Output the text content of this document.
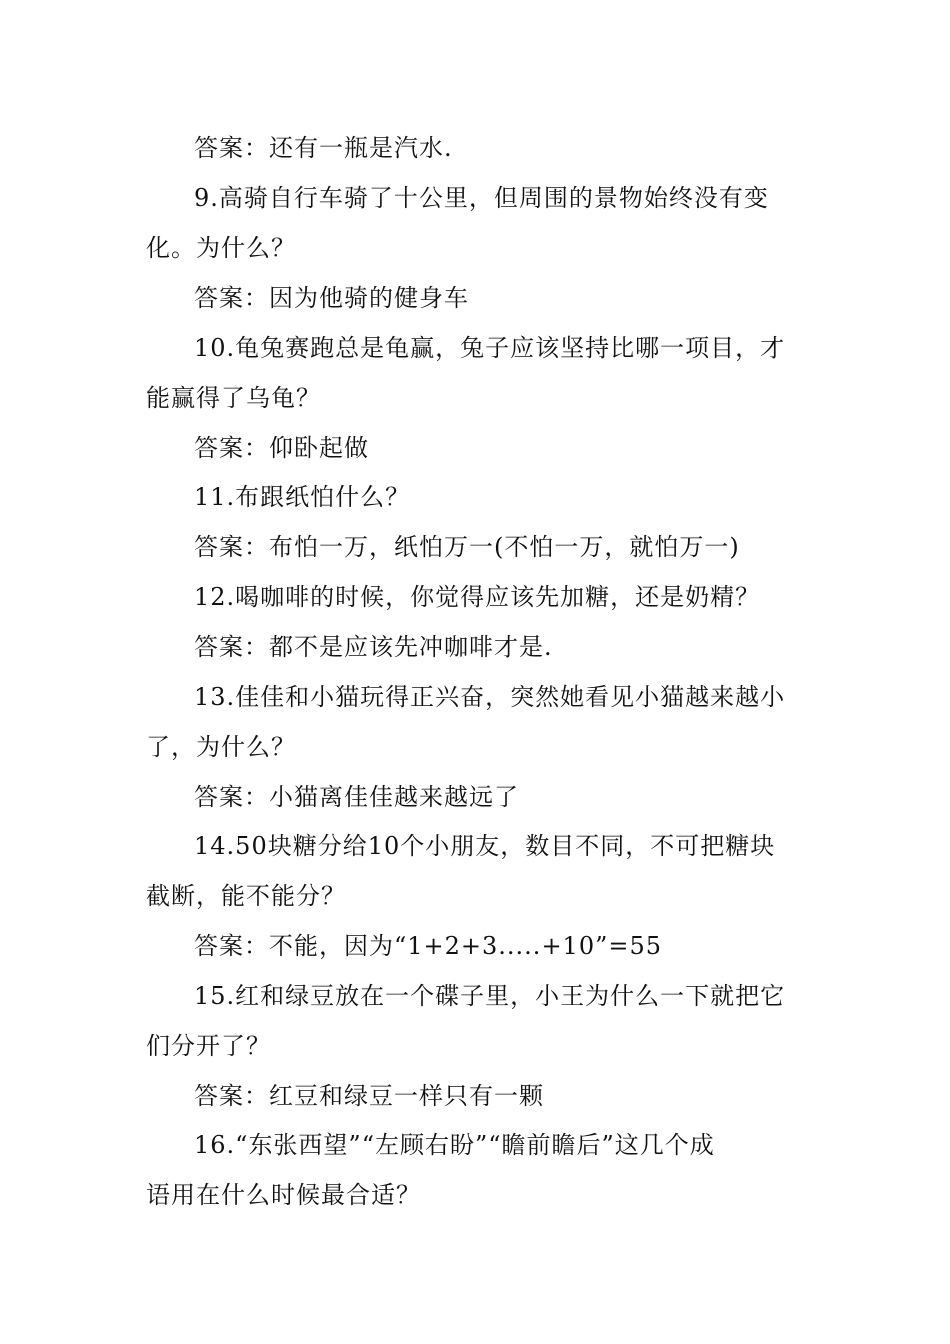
答案：还有一瓶是汽水.
9.高骑自行车骑了十公里，但周围的景物始终没有变
化。为什么？
答案：因为他骑的健身车
10.龟兔赛跑总是龟赢，兔子应该坚持比哪一项目，才
能赢得了乌龟？
答案：仰卧起做
11.布跟纸怕什么？
答案：布怕一万，纸怕万一(不怕一万，就怕万一)
12.喝咖啡的时候，你觉得应该先加糖，还是奶精？
答案：都不是应该先冲咖啡才是.
13.佳佳和小猫玩得正兴奋，突然她看见小猫越来越小
了，为什么？
答案：小猫离佳佳越来越远了
14.50块糖分给10个小朋友，数目不同，不可把糖块
截断，能不能分？
答案：不能，因为“1+2+3.....+10”=55
15.红和绿豆放在一个碟子里，小王为什么一下就把它
们分开了？
答案：红豆和绿豆一样只有一颗
16.“东张西望”“左顾右盼”“瞻前瞻后”这几个成
语用在什么时候最合适？
